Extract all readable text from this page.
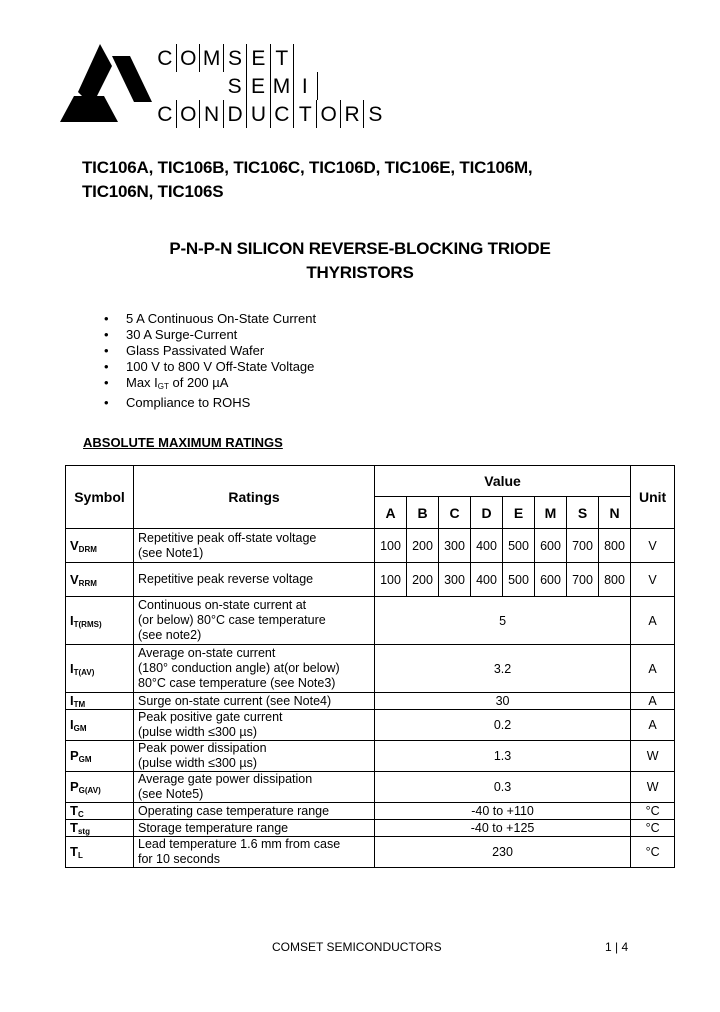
C O M S E T
S E M I
C O N D U C T O R S
TIC106A, TIC106B, TIC106C, TIC106D, TIC106E, TIC106M,
TIC106N, TIC106S
P-N-P-N SILICON REVERSE-BLOCKING TRIODE
THYRISTORS
• 5 A Continuous On-State Current
• 30 A Surge-Current
• Glass Passivated Wafer
• 100 V to 800 V Off-State Voltage
• Max $I_{GT}$ of 200 µA
• Compliance to ROHS
ABSOLUTE MAXIMUM RATINGS
Symbol	Ratings	Value								Unit
		A	B	C	D	E	M	S	N	
VDRM	Repetitive peak off-state voltage
(see Note1)	100	200	300	400	500	600	700	800	V
VRRM	Repetitive peak reverse voltage	100	200	300	400	500	600	700	800	V
IT(RMS)	Continuous on-state current at
(or below) 80°C case temperature
(see note2)	5								A
IT(AV)	Average on-state current
(180° conduction angle) at(or below)
80°C case temperature (see Note3)	3.2								A
ITM	Surge on-state current (see Note4)	30								A
IGM	Peak positive gate current
(pulse width ≤300 µs)	0.2								A
PGM	Peak power dissipation
(pulse width ≤300 µs)	1.3								W
PG(AV)	Average gate power dissipation
(see Note5)	0.3								W
TC	Operating case temperature range	-40 to +110								°C
Tstg	Storage temperature range	-40 to +125								°C
TL	Lead temperature 1.6 mm from case
for 10 seconds	230								°C
COMSET SEMICONDUCTORS	1 | 4
